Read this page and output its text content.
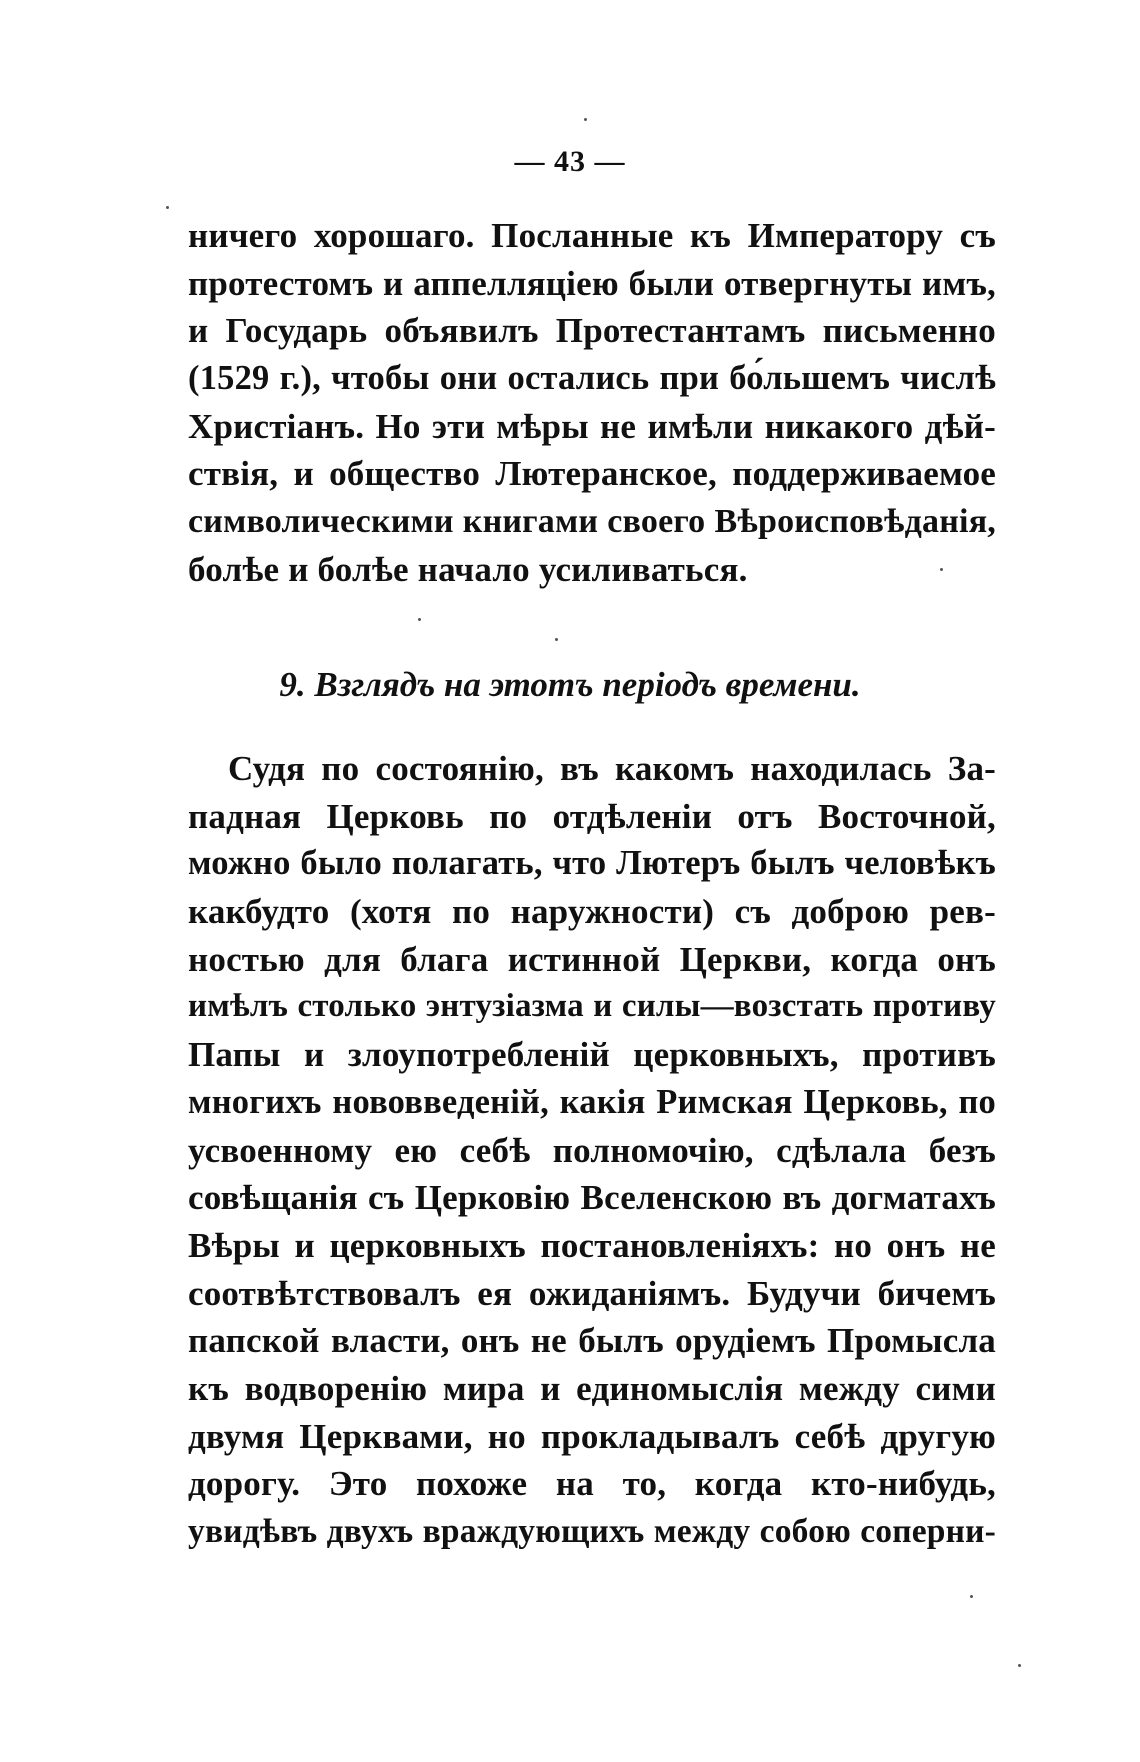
— 43 —
ничего хорошаго. Посланные къ Императору съ
протестомъ и аппелляціею были отвергнуты имъ,
и Государь объявилъ Протестантамъ письменно
(1529 г.), чтобы они остались при бо́льшемъ числѣ
Христіанъ. Но эти мѣры не имѣли никакого дѣй-
ствія, и общество Лютеранское, поддерживаемое
символическими книгами своего Вѣроисповѣданія,
болѣе и болѣе начало усиливаться.
9. Взглядъ на этотъ періодъ времени.
Судя по состоянію, въ какомъ находилась За-
падная Церковь по отдѣленіи отъ Восточной,
можно было полагать, что Лютеръ былъ человѣкъ
какбудто (хотя по наружности) съ доброю рев-
ностью для блага истинной Церкви, когда онъ
имѣлъ столько энтузіазма и силы—возстать противу
Папы и злоупотребленій церковныхъ, противъ
многихъ нововведеній, какія Римская Церковь, по
усвоенному ею себѣ полномочію, сдѣлала безъ
совѣщанія съ Церковію Вселенскою въ догматахъ
Вѣры и церковныхъ постановленіяхъ: но онъ не
соотвѣтствовалъ ея ожиданіямъ. Будучи бичемъ
папской власти, онъ не былъ орудіемъ Промысла
къ водворенію мира и единомыслія между сими
двумя Церквами, но прокладывалъ себѣ другую
дорогу. Это похоже на то, когда кто-нибудь,
увидѣвъ двухъ враждующихъ между собою соперни-
